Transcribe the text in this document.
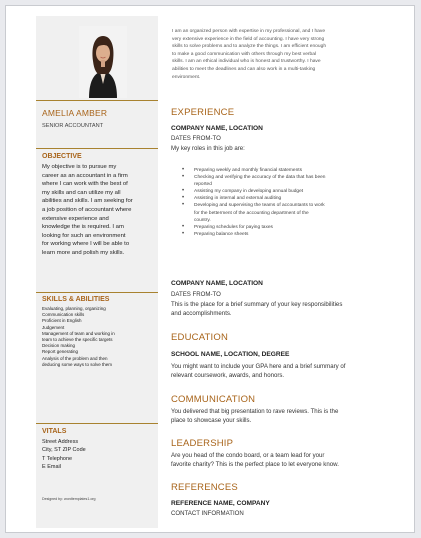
AMELIA AMBER
SENIOR ACCOUNTANT
OBJECTIVE
My objective is to pursue my
career as an accountant in a firm
where I can work with the best of
my skills and can utilize my all
abilities and skills. I am seeking for
a job position of accountant where
extensive experience and
knowledge the is required. I am
looking for such an environment
for working where I will be able to
learn more and polish my skills.
SKILLS & ABILITIES
Evaluating, planning, organizing
Communication skills
Proficient in English
Judgement
Management of team and working in
team to achieve the specific targets
Decision making
Report generating
Analysis of the problem and then
deducing some ways to solve them
VITALS
Street Address
City, ST ZIP Code
T Telephone
E Email
Designed by: wordtemplates1.org
I am an organized person with expertise in my professional, and I have
very extensive experience in the field of accounting. I have very strong
skills to solve problems and to analyze the things. I am efficient enough
to make a good communication with others through my best verbal
skills. I am an ethical individual who is honest and trustworthy. I have
abilities to meet the deadlines and can also work in a multi-tasking
environment.
EXPERIENCE
COMPANY NAME, LOCATION
DATES FROM-TO
My key roles in this job are:
• Preparing weekly and monthly financial statements
• Checking and verifying the accuracy of the data that has been
reported
• Assisting my company in developing annual budget
• Assisting in internal and external auditing
• Developing and supervising the teams of accountants to work
for the betterment of the accounting department of the
country.
• Preparing schedules for paying taxes
• Preparing balance sheets
COMPANY NAME, LOCATION
DATES FROM-TO
This is the place for a brief summary of your key responsibilities
and accomplishments.
EDUCATION
SCHOOL NAME, LOCATION, DEGREE
You might want to include your GPA here and a brief summary of
relevant coursework, awards, and honors.
COMMUNICATION
You delivered that big presentation to rave reviews. This is the
place to showcase your skills.
LEADERSHIP
Are you head of the condo board, or a team lead for your
favorite charity? This is the perfect place to let everyone know.
REFERENCES
REFERENCE NAME, COMPANY
CONTACT INFORMATION
